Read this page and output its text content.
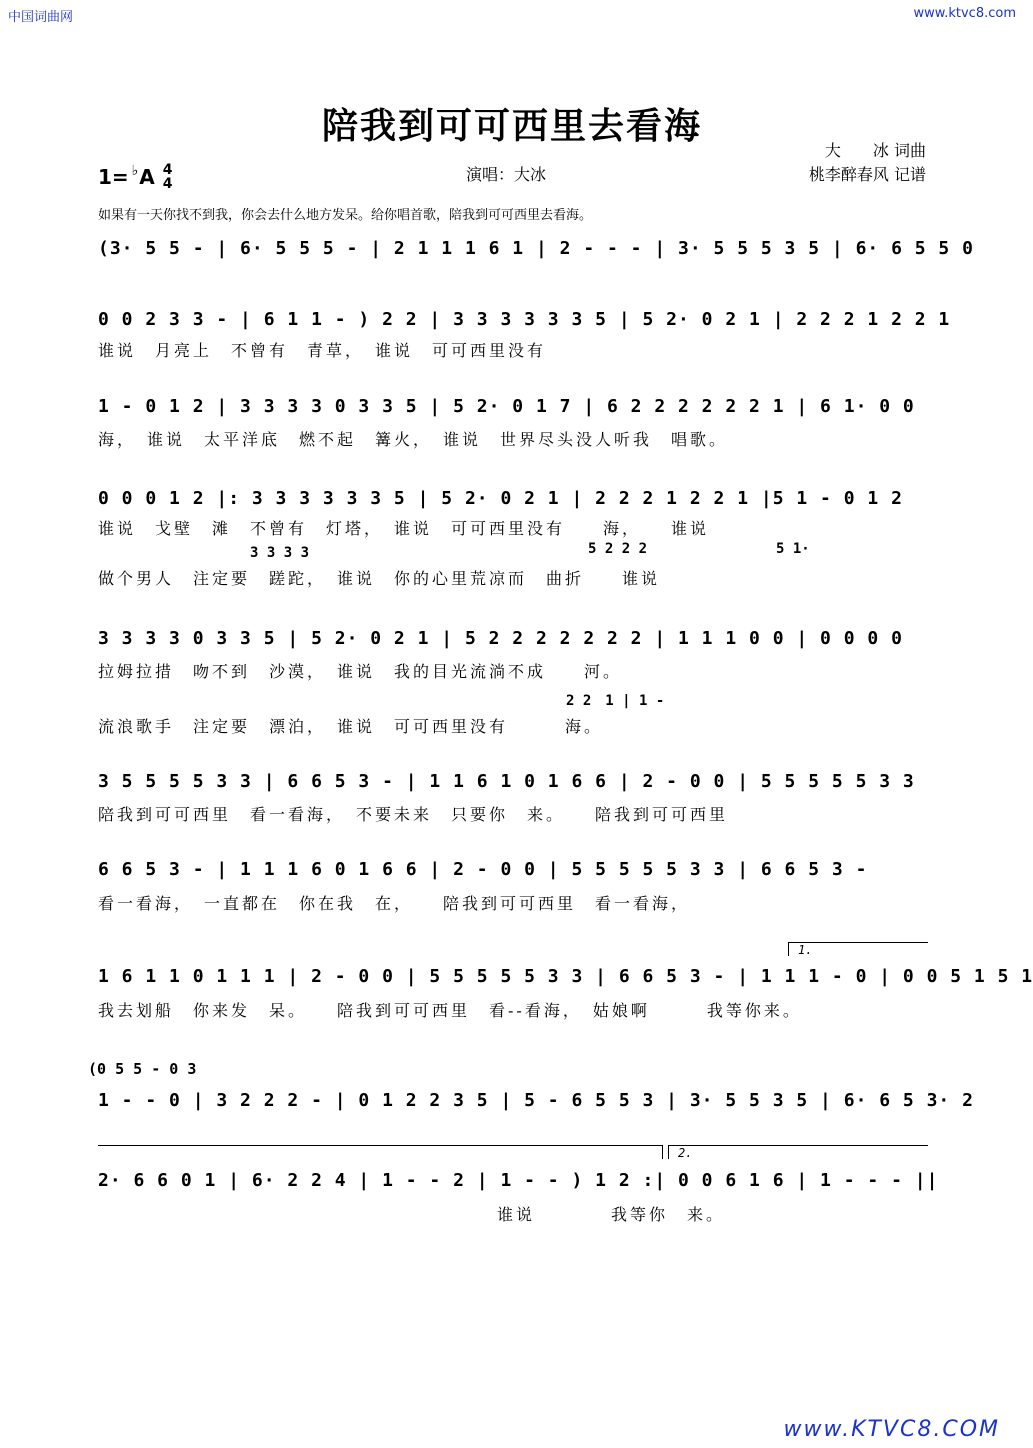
中国词曲网	www.ktvc8.com
陪我到可可西里去看海
大　　冰 词曲
桃李醉春风 记谱
演唱：大冰
1= ♭ A 4
4
如果有一天你找不到我，你会去什么地方发呆。给你唱首歌，陪我到可可西里去看海。
(3· 5 5 - | 6· 5 5 5 - | 2 1 1 1 6 1 | 2 - - - | 3· 5 5 5 3 5 | 6· 6 5 5 0
0 0 2 3 3 - | 6 1 1 - ) 2 2 | 3 3 3 3 3 3 5 | 5 2· 0 2 1 | 2 2 2 1 2 2 1
谁说　月亮上　不曾有　青草，　谁说　可可西里没有
1 - 0 1 2 | 3 3 3 3 0 3 3 5 | 5 2· 0 1 7 | 6 2 2 2 2 2 2 1 | 6 1· 0 0
海，　谁说　太平洋底　燃不起　篝火，　谁说　世界尽头没人听我　唱歌。
0 0 0 1 2 |: 3 3 3 3 3 3 5 | 5 2· 0 2 1 | 2 2 2 1 2 2 1 |5 1 - 0 1 2
谁说　戈壁　滩　不曾有　灯塔，　谁说　可可西里没有　　海，　　谁说
3 3 3 3	5 2 2 2	5 1·
做个男人　注定要　蹉跎，　谁说　你的心里荒凉而　曲折　　谁说
3 3 3 3 0 3 3 5 | 5 2· 0 2 1 | 5 2 2 2 2 2 2 2 | 1 1 1 0 0 | 0 0 0 0
拉姆拉措　吻不到　沙漠，　谁说　我的目光流淌不成　　河。
2 2　1 | 1 -
流浪歌手　注定要　漂泊，　谁说　可可西里没有　　　海。
3 5 5 5 5 3 3 | 6 6 5 3 - | 1 1 6 1 0 1 6 6 | 2 - 0 0 | 5 5 5 5 5 3 3
陪我到可可西里　看一看海，　不要未来　只要你　来。　　陪我到可可西里
6 6 5 3 - | 1 1 1 6 0 1 6 6 | 2 - 0 0 | 5 5 5 5 5 3 3 | 6 6 5 3 -
看一看海，　一直都在　你在我　在，　　陪我到可可西里　看一看海，
1.
1 6 1 1 0 1 1 1 | 2 - 0 0 | 5 5 5 5 5 3 3 | 6 6 5 3 - | 1 1 1 - 0 | 0 0 5 1 5 1
我去划船　你来发　呆。　　陪我到可可西里　看--看海，　姑娘啊　　　我等你来。
(0 5 5 - 0 3
1 - - 0 | 3 2 2 2 - | 0 1 2 2 3 5 | 5 - 6 5 5 3 | 3· 5 5 3 5 | 6· 6 5 3· 2
2.
2· 6 6 0 1 | 6· 2 2 4 | 1 - - 2 | 1 - - ) 1 2 :| 0 0 6 1 6 | 1 - - - ||
　　　　　　　　　　　　　　　　　　　　　谁说　　　　我等你　来。
www.KTVC8.COM
